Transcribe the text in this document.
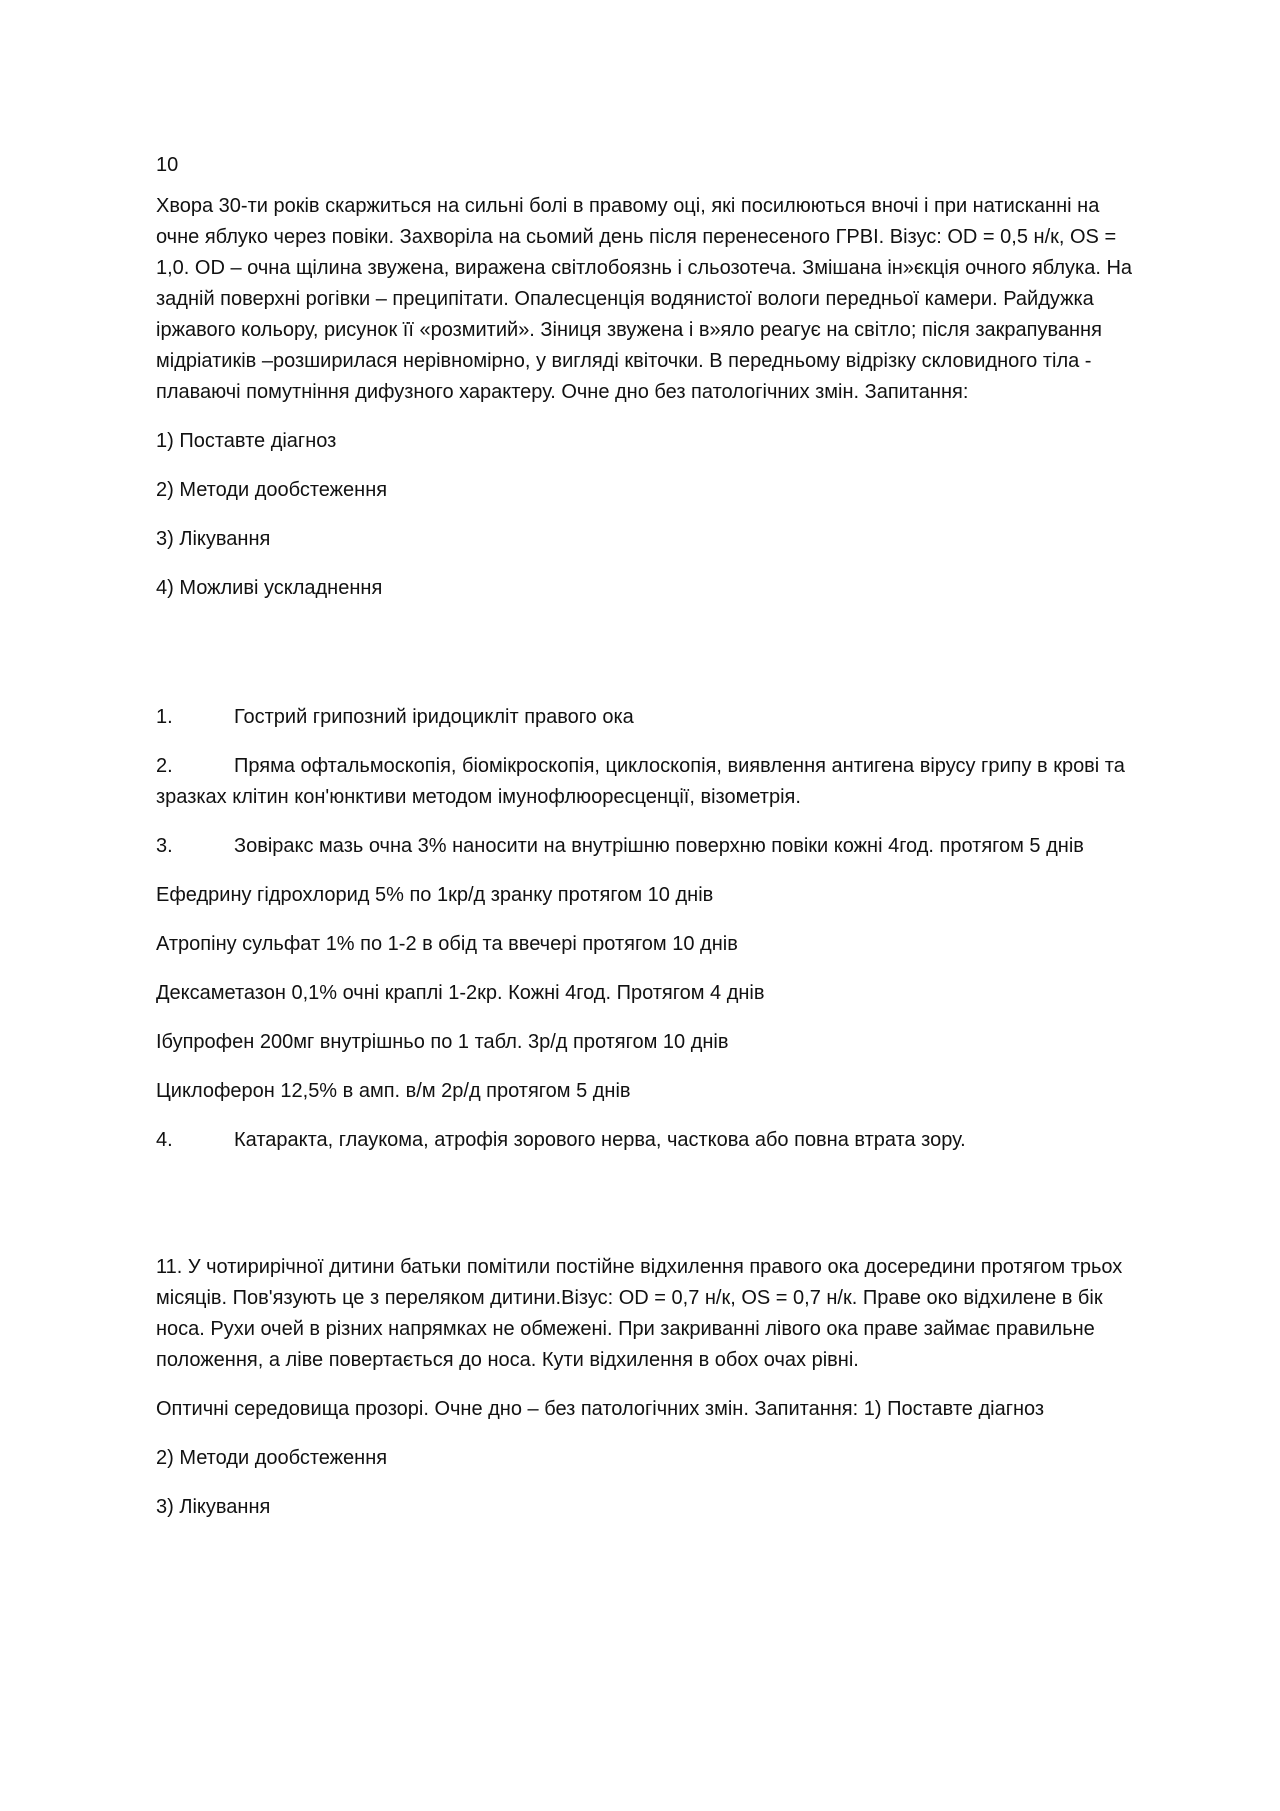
10

Хвора 30-ти років скаржиться на сильні болі в правому оці, які посилюються вночі і при натисканні на очне яблуко через повіки. Захворіла на сьомий день після перенесеного ГРВІ. Візус: OD = 0,5 н/к, OS = 1,0. OD – очна щілина звужена, виражена світлобоязнь і сльозотеча. Змішана ін»єкція очного яблука. На задній поверхні рогівки – преципітати. Опалесценція водянистої вологи передньої камери. Райдужка іржавого кольору, рисунок її «розмитий». Зіниця звужена і в»яло реагує на світло; після закрапування мідріатиків –розширилася нерівномірно, у вигляді квіточки. В передньому відрізку скловидного тіла - плаваючі помутніння дифузного характеру. Очне дно без патологічних змін. Запитання:

1) Поставте діагноз

2) Методи дообстеження

3) Лікування

4) Можливі ускладнення

1.	Гострий грипозний іридоцикліт правого ока

2.	Пряма офтальмоскопія, біомікроскопія, циклоскопія, виявлення антигена вірусу грипу в крові та зразках клітин кон'юнктиви методом імунофлюоресценції, візометрія.

3.	Зовіракс мазь очна 3% наносити на внутрішню поверхню повіки кожні 4год. протягом 5 днів

Ефедрину гідрохлорид 5% по 1кр/д зранку протягом 10 днів

Атропіну сульфат 1% по 1-2 в обід та ввечері протягом 10 днів

Дексаметазон 0,1% очні краплі 1-2кр. Кожні 4год. Протягом 4 днів

Ібупрофен 200мг внутрішньо по 1 табл. 3р/д протягом 10 днів

Циклоферон 12,5% в амп. в/м 2р/д протягом 5 днів

4.	Катаракта, глаукома, атрофія зорового нерва, часткова або повна втрата зору.

11. У чотирирічної дитини батьки помітили постійне відхилення правого ока досередини протягом трьох місяців. Пов'язують це з переляком дитини.Візус: OD = 0,7 н/к, OS = 0,7 н/к. Праве око відхилене в бік носа. Рухи очей в різних напрямках не обмежені. При закриванні лівого ока праве займає правильне положення, а ліве повертається до носа. Кути відхилення в обох очах рівні.

Оптичні середовища прозорі. Очне дно – без патологічних змін. Запитання: 1) Поставте діагноз

2) Методи дообстеження

3) Лікування
